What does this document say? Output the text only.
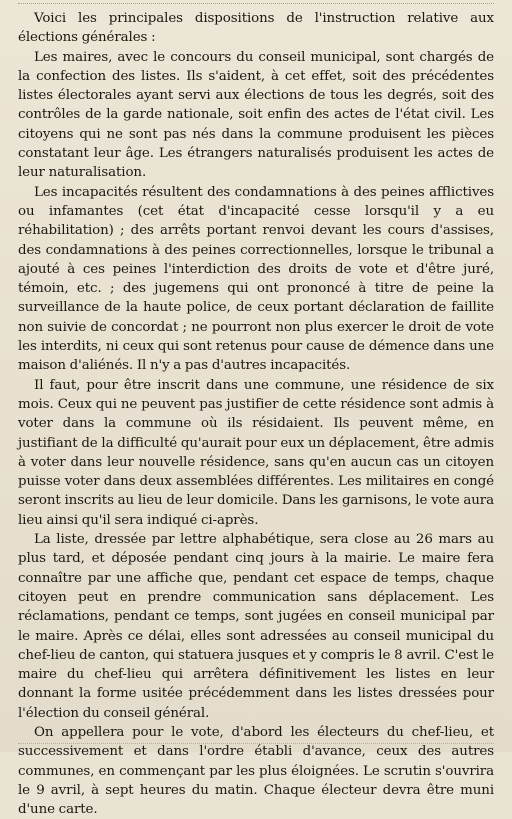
Voici les principales dispositions de l'instruction relative aux élections générales :

Les maires, avec le concours du conseil municipal, sont chargés de la confection des listes. Ils s'aident, à cet effet, soit des précédentes listes électorales ayant servi aux élections de tous les degrés, soit des contrôles de la garde nationale, soit enfin des actes de l'état civil. Les citoyens qui ne sont pas nés dans la commune produisent les pièces constatant leur âge. Les étrangers naturalisés produisent les actes de leur naturalisation.

Les incapacités résultent des condamnations à des peines afflictives ou infamantes (cet état d'incapacité cesse lorsqu'il y a eu réhabilitation) ; des arrêts portant renvoi devant les cours d'assises, des condamnations à des peines correctionnelles, lorsque le tribunal a ajouté à ces peines l'interdiction des droits de vote et d'être juré, témoin, etc. ; des jugemens qui ont prononcé à titre de peine la surveillance de la haute police, de ceux portant déclaration de faillite non suivie de concordat ; ne pourront non plus exercer le droit de vote les interdits, ni ceux qui sont retenus pour cause de démence dans une maison d'aliénés. Il n'y a pas d'autres incapacités.

Il faut, pour être inscrit dans une commune, une résidence de six mois. Ceux qui ne peuvent pas justifier de cette résidence sont admis à voter dans la commune où ils résidaient. Ils peuvent même, en justifiant de la difficulté qu'aurait pour eux un déplacement, être admis à voter dans leur nouvelle résidence, sans qu'en aucun cas un citoyen puisse voter dans deux assemblées différentes. Les militaires en congé seront inscrits au lieu de leur domicile. Dans les garnisons, le vote aura lieu ainsi qu'il sera indiqué ci-après.

La liste, dressée par lettre alphabétique, sera close au 26 mars au plus tard, et déposée pendant cinq jours à la mairie. Le maire fera connaître par une affiche que, pendant cet espace de temps, chaque citoyen peut en prendre communication sans déplacement. Les réclamations, pendant ce temps, sont jugées en conseil municipal par le maire. Après ce délai, elles sont adressées au conseil municipal du chef-lieu de canton, qui statuera jusques et y compris le 8 avril. C'est le maire du chef-lieu qui arrêtera définitivement les listes en leur donnant la forme usitée précédemment dans les listes dressées pour l'élection du conseil général.

On appellera pour le vote, d'abord les électeurs du chef-lieu, et successivement et dans l'ordre établi d'avance, ceux des autres communes, en commençant par les plus éloignées. Le scrutin s'ouvrira le 9 avril, à sept heures du matin. Chaque électeur devra être muni d'une carte.
